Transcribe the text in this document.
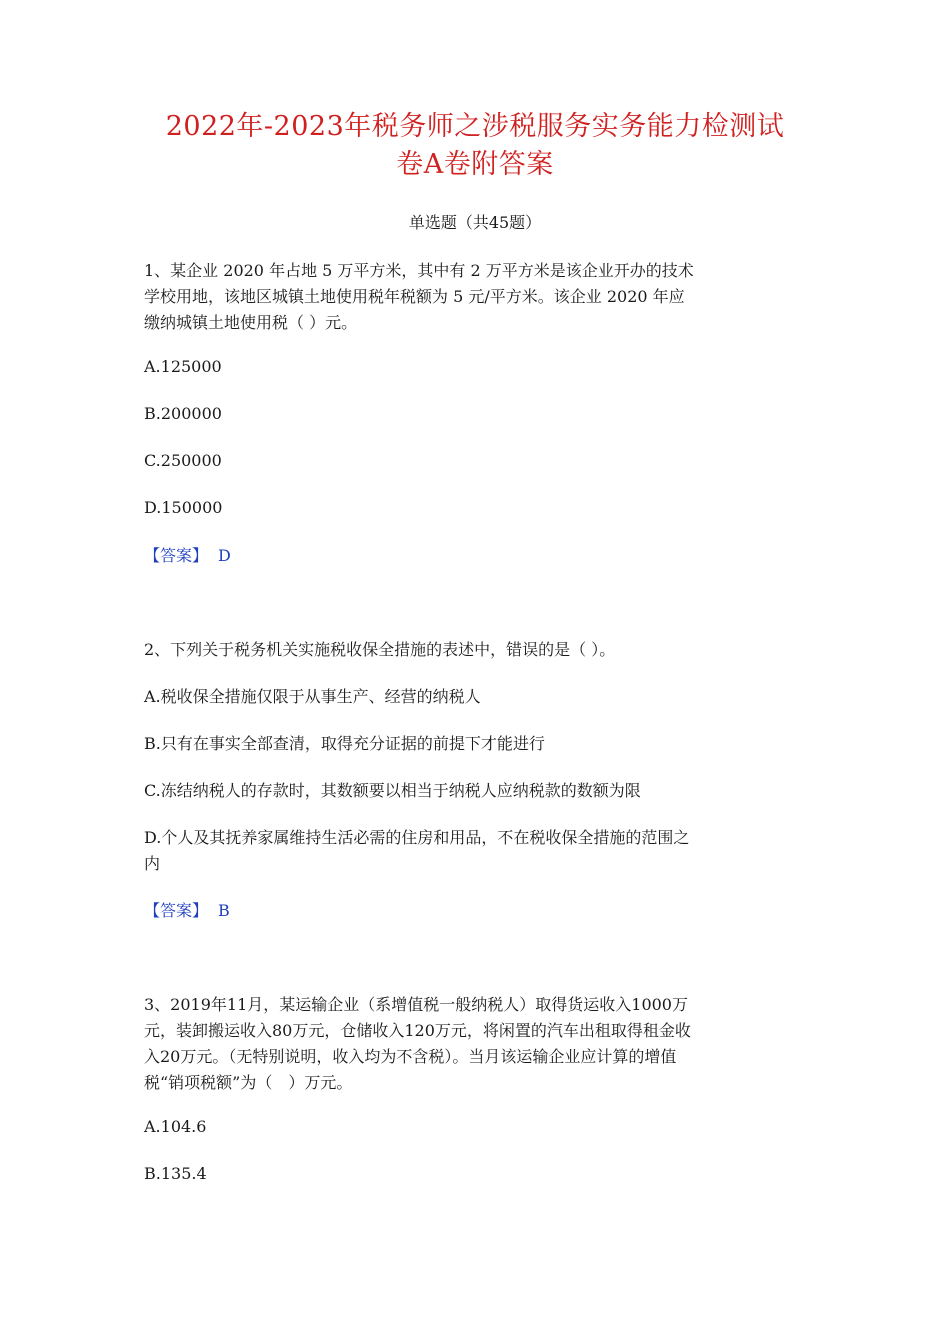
2022年-2023年税务师之涉税服务实务能力检测试
卷A卷附答案
单选题（共45题）
1、某企业 2020 年占地 5 万平方米，其中有 2 万平方米是该企业开办的技术
学校用地，该地区城镇土地使用税年税额为 5 元/平方米。该企业 2020 年应
缴纳城镇土地使用税（ ）元。
A.125000
B.200000
C.250000
D.150000
【答案】 D
2、下列关于税务机关实施税收保全措施的表述中，错误的是（ ）。
A.税收保全措施仅限于从事生产、经营的纳税人
B.只有在事实全部查清，取得充分证据的前提下才能进行
C.冻结纳税人的存款时，其数额要以相当于纳税人应纳税款的数额为限
D.个人及其抚养家属维持生活必需的住房和用品，不在税收保全措施的范围之
内
【答案】 B
3、2019年11月，某运输企业（系增值税一般纳税人）取得货运收入1000万
元，装卸搬运收入80万元，仓储收入120万元，将闲置的汽车出租取得租金收
入20万元。（无特别说明，收入均为不含税）。当月该运输企业应计算的增值
税“销项税额”为（　）万元。
A.104.6
B.135.4
